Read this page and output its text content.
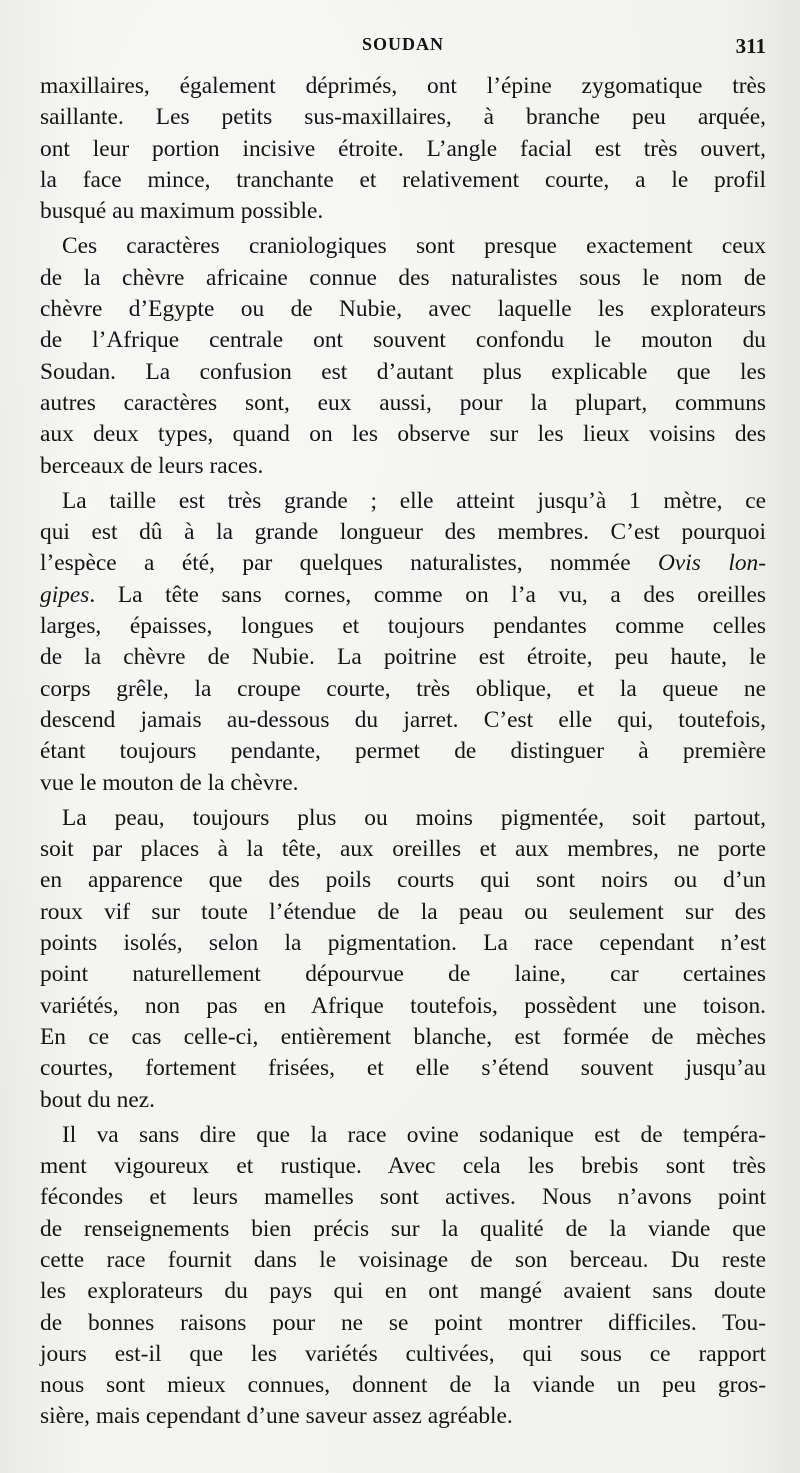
SOUDAN	311
maxillaires, également déprimés, ont l’épine zygomatique très
saillante. Les petits sus-maxillaires, à branche peu arquée,
ont leur portion incisive étroite. L’angle facial est très ouvert,
la face mince, tranchante et relativement courte, a le profil
busqué au maximum possible.
Ces caractères craniologiques sont presque exactement ceux
de la chèvre africaine connue des naturalistes sous le nom de
chèvre d’Egypte ou de Nubie, avec laquelle les explorateurs
de l’Afrique centrale ont souvent confondu le mouton du
Soudan. La confusion est d’autant plus explicable que les
autres caractères sont, eux aussi, pour la plupart, communs
aux deux types, quand on les observe sur les lieux voisins des
berceaux de leurs races.
La taille est très grande ; elle atteint jusqu’à 1 mètre, ce
qui est dû à la grande longueur des membres. C’est pourquoi
l’espèce a été, par quelques naturalistes, nommée Ovis lon-
gipes. La tête sans cornes, comme on l’a vu, a des oreilles
larges, épaisses, longues et toujours pendantes comme celles
de la chèvre de Nubie. La poitrine est étroite, peu haute, le
corps grêle, la croupe courte, très oblique, et la queue ne
descend jamais au-dessous du jarret. C’est elle qui, toutefois,
étant toujours pendante, permet de distinguer à première
vue le mouton de la chèvre.
La peau, toujours plus ou moins pigmentée, soit partout,
soit par places à la tête, aux oreilles et aux membres, ne porte
en apparence que des poils courts qui sont noirs ou d’un
roux vif sur toute l’étendue de la peau ou seulement sur des
points isolés, selon la pigmentation. La race cependant n’est
point naturellement dépourvue de laine, car certaines
variétés, non pas en Afrique toutefois, possèdent une toison.
En ce cas celle-ci, entièrement blanche, est formée de mèches
courtes, fortement frisées, et elle s’étend souvent jusqu’au
bout du nez.
Il va sans dire que la race ovine sodanique est de tempéra-
ment vigoureux et rustique. Avec cela les brebis sont très
fécondes et leurs mamelles sont actives. Nous n’avons point
de renseignements bien précis sur la qualité de la viande que
cette race fournit dans le voisinage de son berceau. Du reste
les explorateurs du pays qui en ont mangé avaient sans doute
de bonnes raisons pour ne se point montrer difficiles. Tou-
jours est-il que les variétés cultivées, qui sous ce rapport
nous sont mieux connues, donnent de la viande un peu gros-
sière, mais cependant d’une saveur assez agréable.
